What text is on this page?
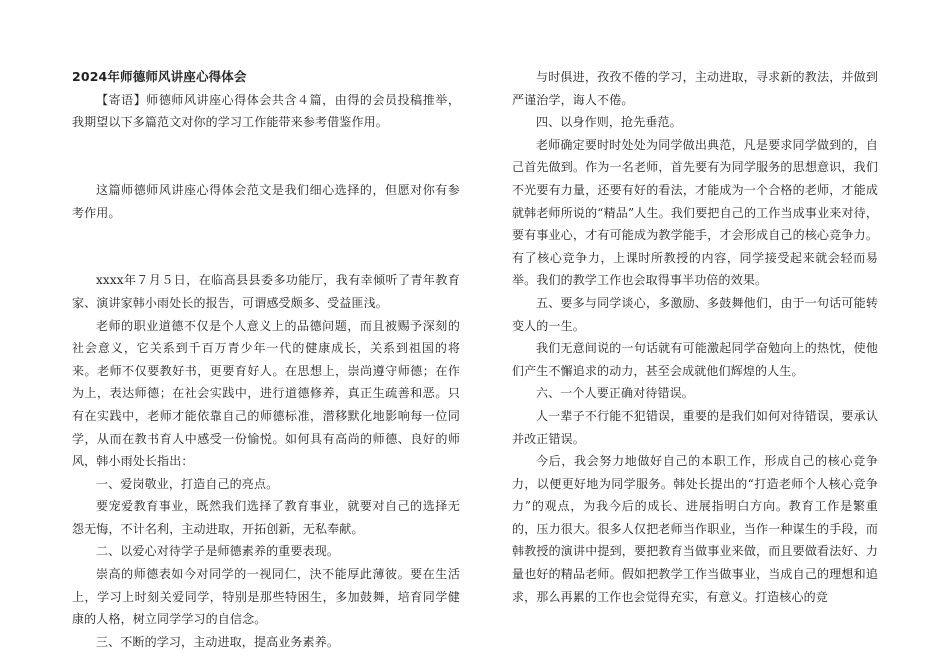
2024年师德师风讲座心得体会

【寄语】师德师风讲座心得体会共含４篇，由得的会员投稿推举，我期望以下多篇范文对你的学习工作能带来参考借鉴作用。

这篇师德师风讲座心得体会范文是我们细心选择的，但愿对你有参考作用。

xxxx年７月５日，在临高县县委多功能厅，我有幸倾听了青年教育家、演讲家韩小雨处长的报告，可谓感受颇多、受益匪浅。

老师的职业道德不仅是个人意义上的品德问题，而且被赐予深刻的社会意义，它关系到千百万青少年一代的健康成长，关系到祖国的将来。老师不仅要教好书，更要育好人。在思想上，崇尚遵守师德；在作为上，表达师德；在社会实践中，进行道德修养，真正生疏善和恶。只有在实践中，老师才能依靠自己的师德标准，潜移默化地影响每一位同学，从而在教书育人中感受一份愉悦。如何具有高尚的师德、良好的师风，韩小雨处长指出：

一、爱岗敬业，打造自己的亮点。

要宠爱教育事业，既然我们选择了教育事业，就要对自己的选择无怨无悔，不计名利，主动进取，开拓创新，无私奉献。

二、以爱心对待学子是师德素养的重要表现。

崇高的师德表如今对同学的一视同仁，決不能厚此薄彼。要在生活上，学习上时刻关爱同学，特别是那些特困生，多加鼓舞，培育同学健康的人格，树立同学学习的自信念。

三、不断的学习，主动进取，提高业务素养。

与时俱进，孜孜不倦的学习，主动进取，寻求新的教法，并做到严谨治学，诲人不倦。

四、以身作则，抢先垂范。

老师确定要时时处处为同学做出典范，凡是要求同学做到的，自己首先做到。作为一名老师，首先要有为同学服务的思想意识，我们不光要有力量，还要有好的看法，才能成为一个合格的老师，才能成就韩老师所说的“精品”人生。我们要把自己的工作当成事业来对待，要有事业心，才有可能成为教学能手，才会形成自己的核心竞争力。有了核心竞争力，上课时所教授的内容，同学接受起来就会轻而易举。我们的教学工作也会取得事半功倍的效果。

五、要多与同学谈心，多激励、多鼓舞他们，由于一句话可能转变人的一生。

我们无意间说的一句话就有可能激起同学奋勉向上的热忱，使他们产生不懈追求的动力，甚至会成就他们辉煌的人生。

六、一个人要正确对待错误。

人一辈子不行能不犯错误，重要的是我们如何对待错误，要承认并改正错误。

今后，我会努力地做好自己的本职工作，形成自己的核心竞争力，以便更好地为同学服务。韩处长提出的“打造老师个人核心竞争力”的观点，为我今后的成长、进展指明白方向。教育工作是繁重的，压力很大。很多人仅把老师当作职业，当作一种谋生的手段，而韩教授的演讲中提到，要把教育当做事业来做，而且要做看法好、力量也好的精品老师。假如把教学工作当做事业，当成自己的理想和追求，那么再累的工作也会觉得充实，有意义。打造核心的竞
